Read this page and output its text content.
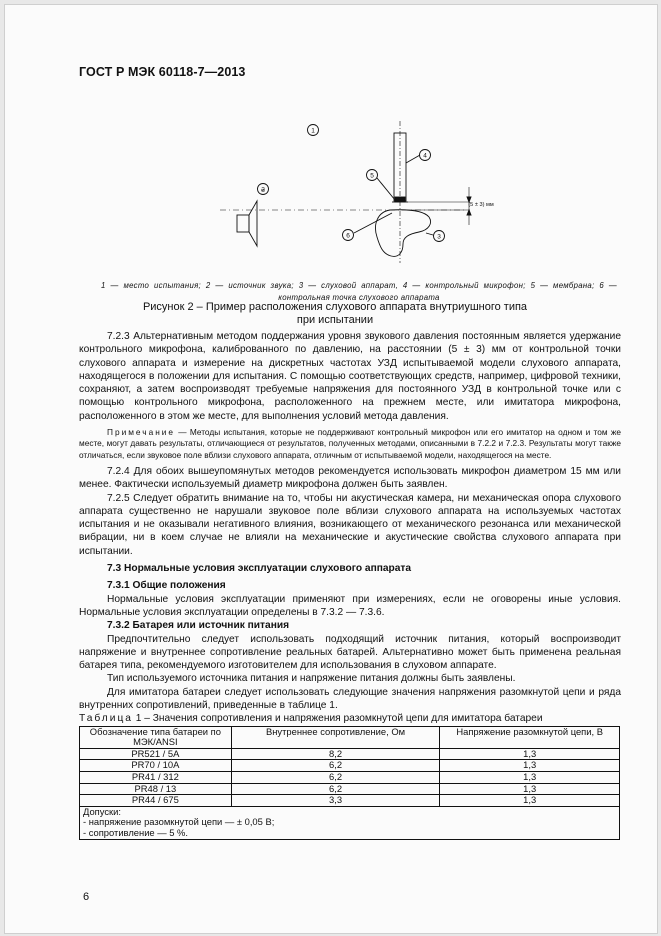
ГОСТ Р МЭК 60118-7—2013
1
2
3
4
5
6
(5 ± 3) мм
1 — место испытания; 2 — источник звука; 3 — слуховой аппарат, 4 — контрольный микрофон; 5 — мембрана; 6 — контрольная точка слухового аппарата
Рисунок 2 – Пример расположения слухового аппарата внутриушного типа
при испытании

7.2.3 Альтернативным методом поддержания уровня звукового давления постоянным является удержание контрольного микрофона, калиброванного по давлению, на расстоянии (5 ± 3) мм от контрольной точки слухового аппарата и измерение на дискретных частотах УЗД испытываемой модели слухового аппарата, находящегося в положении для испытания. С помощью соответствующих средств, например, цифровой техники, сохраняют, а затем воспроизводят требуемые напряжения для постоянного УЗД в контрольной точке или с помощью контрольного микрофона, расположенного на прежнем месте, или имитатора микрофона, расположенного в этом же месте, для выполнения условий метода давления.

Примечание — Методы испытания, которые не поддерживают контрольный микрофон или его имитатор на одном и том же месте, могут давать результаты, отличающиеся от результатов, полученных методами, описанными в 7.2.2 и 7.2.3. Результаты могут также отличаться, если звуковое поле вблизи слухового аппарата, отличным от испытываемой модели, находящегося на месте.

7.2.4 Для обоих вышеупомянутых методов рекомендуется использовать микрофон диаметром 15 мм или менее. Фактически используемый диаметр микрофона должен быть заявлен.

7.2.5 Следует обратить внимание на то, чтобы ни акустическая камера, ни механическая опора слухового аппарата существенно не нарушали звуковое поле вблизи слухового аппарата на используемых частотах испытания и не оказывали негативного влияния, возникающего от механического резонанса или механической вибрации, ни в коем случае не влияли на механические и акустические свойства слухового аппарата при испытании.

7.3 Нормальные условия эксплуатации слухового аппарата
7.3.1 Общие положения

Нормальные условия эксплуатации применяют при измерениях, если не оговорены иные условия. Нормальные условия эксплуатации определены в 7.3.2 — 7.3.6.

7.3.2 Батарея или источник питания

Предпочтительно следует использовать подходящий источник питания, который воспроизводит напряжение и внутреннее сопротивление реальных батарей. Альтернативно может быть применена реальная батарея типа, рекомендуемого изготовителем для использования в слуховом аппарате.

Тип используемого источника питания и напряжение питания должны быть заявлены.

Для имитатора батареи следует использовать следующие значения напряжения разомкнутой цепи и ряда внутренних сопротивлений, приведенные в таблице 1.

Таблица 1 – Значения сопротивления и напряжения разомкнутой цепи для имитатора батареи

Обозначение типа батареи по МЭК/ANSI	Внутреннее сопротивление, Ом	Напряжение разомкнутой цепи, В
PR521 / 5A	8,2	1,3
PR70 / 10A	6,2	1,3
PR41 / 312	6,2	1,3
PR48 / 13	6,2	1,3
PR44 / 675	3,3	1,3

Допуски:
- напряжение разомкнутой цепи — ± 0,05 В;
- сопротивление — 5 %.		
6
